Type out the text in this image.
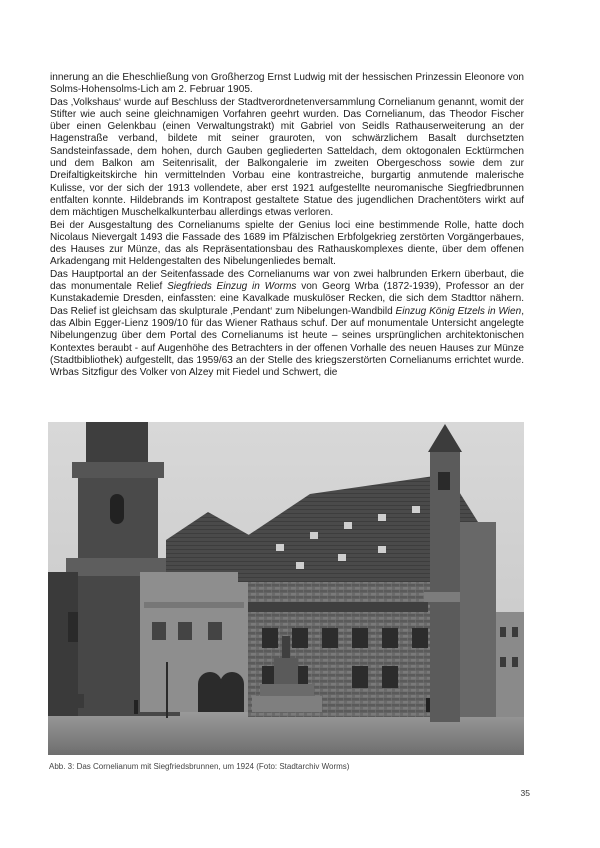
innerung an die Eheschließung von Großherzog Ernst Ludwig mit der hessischen Prinzessin Eleonore von Solms-Hohensolms-Lich am 2. Februar 1905.

Das ‚Volkshaus‘ wurde auf Beschluss der Stadtverordnetenversammlung Cornelianum genannt, womit der Stifter wie auch seine gleichnamigen Vorfahren geehrt wurden. Das Cornelianum, das Theodor Fischer über einen Gelenkbau (einen Verwaltungstrakt) mit Gabriel von Seidls Rathauserweiterung an der Hagenstraße verband, bildete mit seiner grauroten, von schwärzlichem Basalt durchsetzten Sandsteinfassade, dem hohen, durch Gauben gegliederten Satteldach, dem oktogonalen Ecktürmchen und dem Balkon am Seitenrisalit, der Balkongalerie im zweiten Obergeschoss sowie dem zur Dreifaltigkeitskirche hin vermittelnden Vorbau eine kontrastreiche, burgartig anmutende malerische Kulisse, vor der sich der 1913 vollendete, aber erst 1921 aufgestellte neuromanische Siegfriedbrunnen entfalten konnte. Hildebrands im Kontrapost gestaltete Statue des jugendlichen Drachentöters wirkt auf dem mächtigen Muschelkalkunterbau allerdings etwas verloren.

Bei der Ausgestaltung des Cornelianums spielte der Genius loci eine bestimmende Rolle, hatte doch Nicolaus Nievergalt 1493 die Fassade des 1689 im Pfälzischen Erbfolgekrieg zerstörten Vorgängerbaues, des Hauses zur Münze, das als Repräsentationsbau des Rathauskomplexes diente, über dem offenen Arkadengang mit Heldengestalten des Nibelungenliedes bemalt.

Das Hauptportal an der Seitenfassade des Cornelianums war von zwei halbrunden Erkern überbaut, die das monumentale Relief Siegfrieds Einzug in Worms von Georg Wrba (1872-1939), Professor an der Kunstakademie Dresden, einfassten: eine Kavalkade muskulöser Recken, die sich dem Stadttor nähern. Das Relief ist gleichsam das skulpturale ‚Pendant‘ zum Nibelungen-Wandbild Einzug König Etzels in Wien, das Albin Egger-Lienz 1909/10 für das Wiener Rathaus schuf. Der auf monumentale Untersicht angelegte Nibelungenzug über dem Portal des Cornelianums ist heute – seines ursprünglichen architektonischen Kontextes beraubt - auf Augenhöhe des Betrachters in der offenen Vorhalle des neuen Hauses zur Münze (Stadtbibliothek) aufgestellt, das 1959/63 an der Stelle des kriegszerstörten Cornelianums errichtet wurde. Wrbas Sitzfigur des Volker von Alzey mit Fiedel und Schwert, die

Abb. 3: Das Cornelianum mit Siegfriedsbrunnen, um 1924 (Foto: Stadtarchiv Worms)
35
